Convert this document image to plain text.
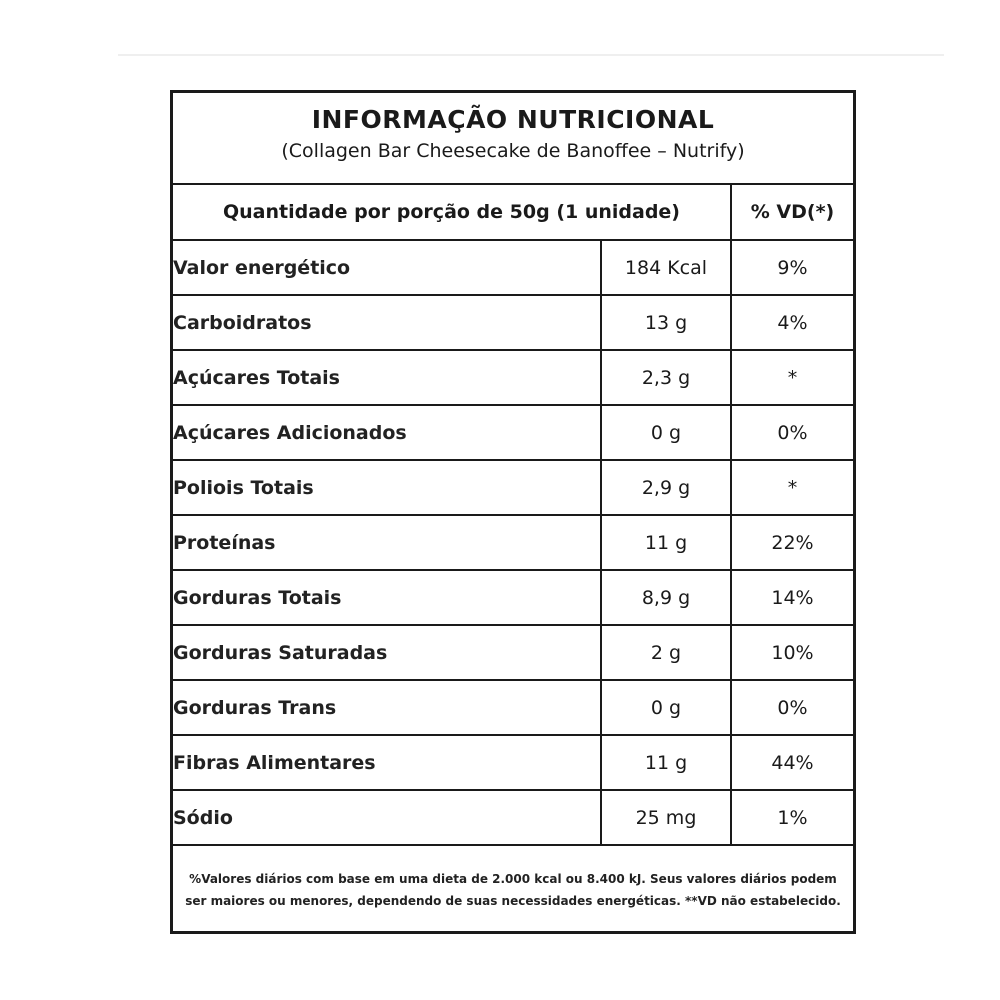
INFORMAÇÃO NUTRICIONAL
(Collagen Bar Cheesecake de Banoffee – Nutrify)
Quantidade por porção de 50g (1 unidade)		% VD(*)
Valor energético	184 Kcal	9%
Carboidratos	13 g	4%
Açúcares Totais	2,3 g	*
Açúcares Adicionados	0 g	0%
Poliois Totais	2,9 g	*
Proteínas	11 g	22%
Gorduras Totais	8,9 g	14%
Gorduras Saturadas	2 g	10%
Gorduras Trans	0 g	0%
Fibras Alimentares	11 g	44%
Sódio	25 mg	1%
%Valores diários com base em uma dieta de 2.000 kcal ou 8.400 kJ. Seus valores diários podem
ser maiores ou menores, dependendo de suas necessidades energéticas. **VD não estabelecido.
